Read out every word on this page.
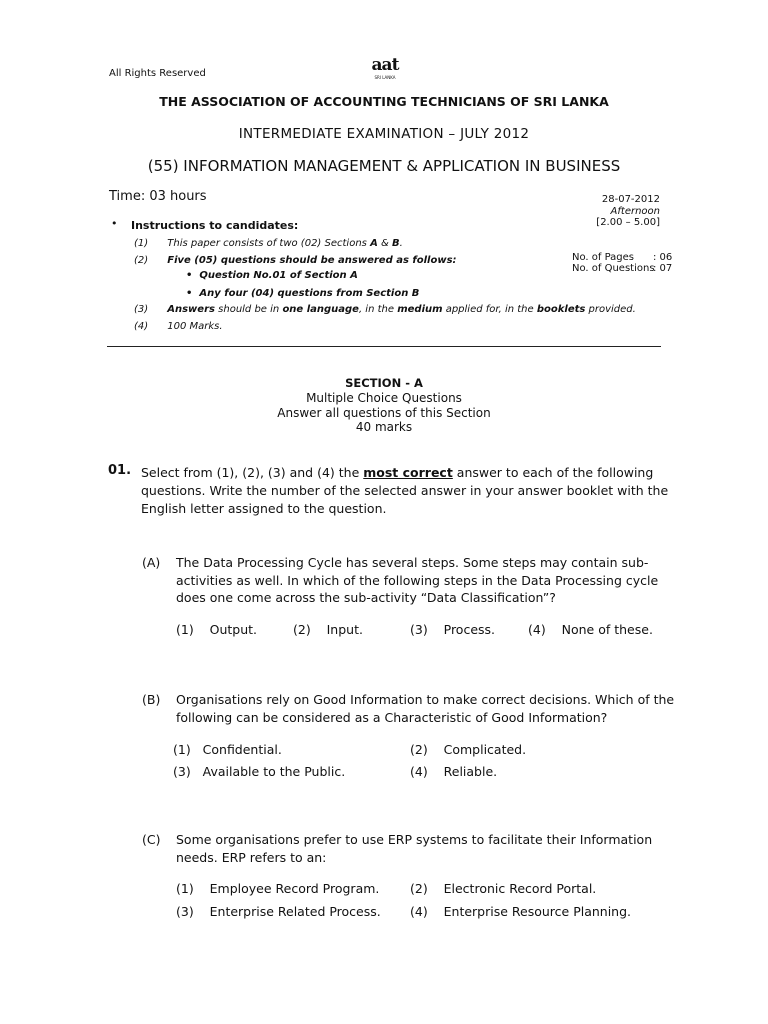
All Rights Reserved	aat
SRI LANKA
THE ASSOCIATION OF ACCOUNTING TECHNICIANS OF SRI LANKA
INTERMEDIATE EXAMINATION – JULY 2012
(55) INFORMATION MANAGEMENT & APPLICATION IN BUSINESS
Time: 03 hours	28-07-2012
Afternoon
[2.00 – 5.00]
No. of Pages : 06
No. of Questions
: 07
• Instructions to candidates:
(1) This paper consists of two (02) Sections A & B.
(2) Five (05) questions should be answered as follows:
• Question No.01 of Section A
• Any four (04) questions from Section B
(3) Answers should be in one language, in the medium applied for, in the booklets provided.
(4) 100 Marks.
SECTION - A
Multiple Choice Questions
Answer all questions of this Section
40 marks
01. Select from (1), (2), (3) and (4) the most correct answer to each of the following
questions. Write the number of the selected answer in your answer booklet with the
English letter assigned to the question.
(A) The Data Processing Cycle has several steps. Some steps may contain sub-
activities as well. In which of the following steps in the Data Processing cycle
does one come across the sub-activity “Data Classification”?
(1) Output.	(2) Input.	(3) Process.	(4) None of these.
(B) Organisations rely on Good Information to make correct decisions. Which of the
following can be considered as a Characteristic of Good Information?
(1) Confidential.	(2) Complicated.
(3) Available to the Public.	(4) Reliable.
(C) Some organisations prefer to use ERP systems to facilitate their Information
needs. ERP refers to an:
(1) Employee Record Program. (2) Electronic Record Portal.
(3) Enterprise Related Process. (4) Enterprise Resource Planning.
